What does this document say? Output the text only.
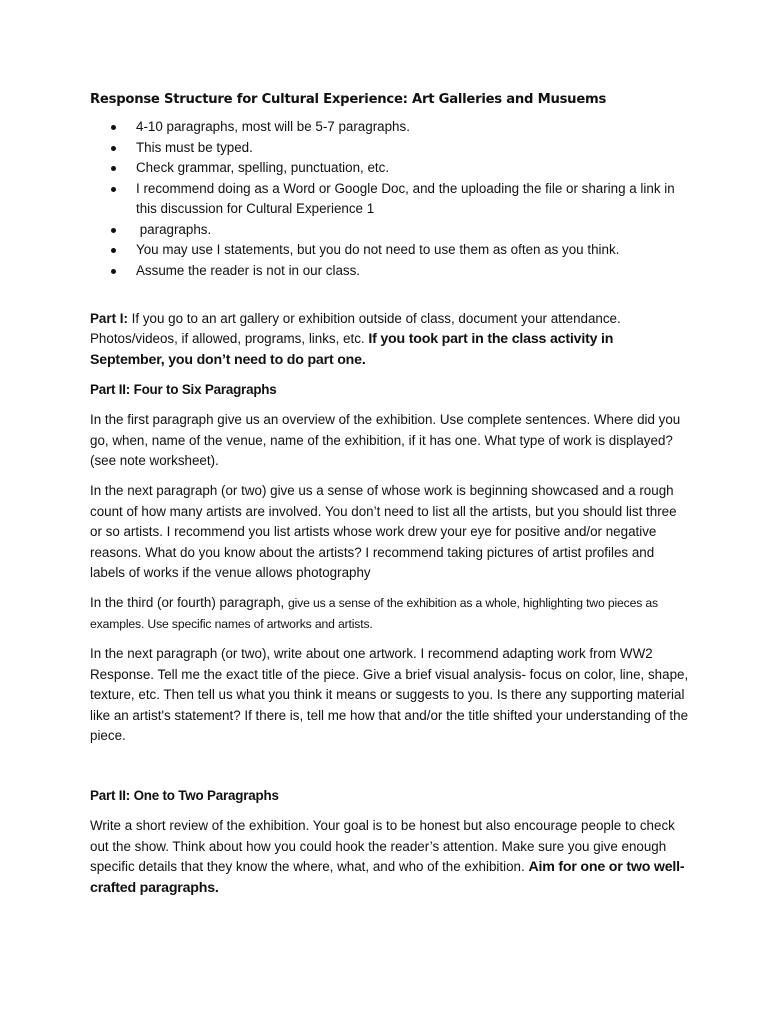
Response Structure for Cultural Experience: Art Galleries and Musuems
4-10 paragraphs, most will be 5-7 paragraphs.
This must be typed.
Check grammar, spelling, punctuation, etc.
I recommend doing as a Word or Google Doc, and the uploading the file or sharing a link in this discussion for Cultural Experience 1
paragraphs.
You may use I statements, but you do not need to use them as often as you think.
Assume the reader is not in our class.

Part I: If you go to an art gallery or exhibition outside of class, document your attendance. Photos/videos, if allowed, programs, links, etc. If you took part in the class activity in September, you don’t need to do part one.

Part II: Four to Six Paragraphs

In the first paragraph give us an overview of the exhibition. Use complete sentences. Where did you go, when, name of the venue, name of the exhibition, if it has one. What type of work is displayed? (see note worksheet).

In the next paragraph (or two) give us a sense of whose work is beginning showcased and a rough count of how many artists are involved. You don’t need to list all the artists, but you should list three or so artists. I recommend you list artists whose work drew your eye for positive and/or negative reasons. What do you know about the artists? I recommend taking pictures of artist profiles and labels of works if the venue allows photography

In the third (or fourth) paragraph, give us a sense of the exhibition as a whole, highlighting two pieces as examples. Use specific names of artworks and artists.

In the next paragraph (or two), write about one artwork. I recommend adapting work from WW2 Response. Tell me the exact title of the piece. Give a brief visual analysis- focus on color, line, shape, texture, etc. Then tell us what you think it means or suggests to you. Is there any supporting material like an artist's statement? If there is, tell me how that and/or the title shifted your understanding of the piece.

Part II: One to Two Paragraphs

Write a short review of the exhibition. Your goal is to be honest but also encourage people to check out the show. Think about how you could hook the reader’s attention. Make sure you give enough specific details that they know the where, what, and who of the exhibition. Aim for one or two well-crafted paragraphs.
